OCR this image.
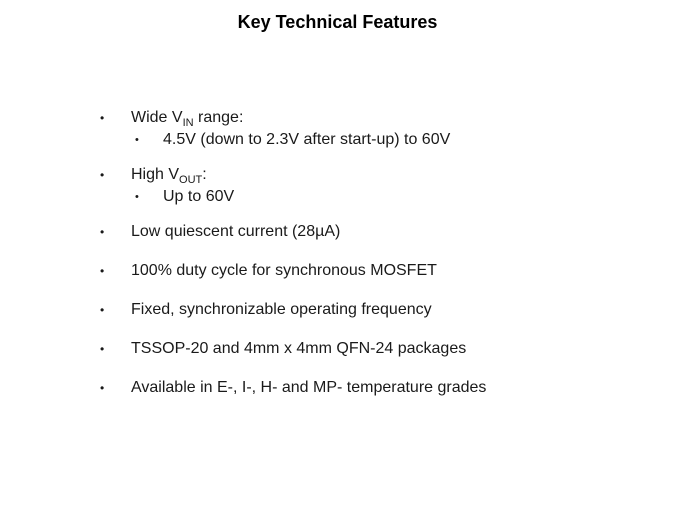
Key Technical Features
• Wide $V_{IN}$ range:
• 4.5V (down to 2.3V after start-up) to 60V
• High $V_{OUT}$:
• Up to 60V
• Low quiescent current (28µA)
• 100% duty cycle for synchronous MOSFET
• Fixed, synchronizable operating frequency
• TSSOP-20 and 4mm x 4mm QFN-24 packages
• Available in E-, I-, H- and MP- temperature grades
